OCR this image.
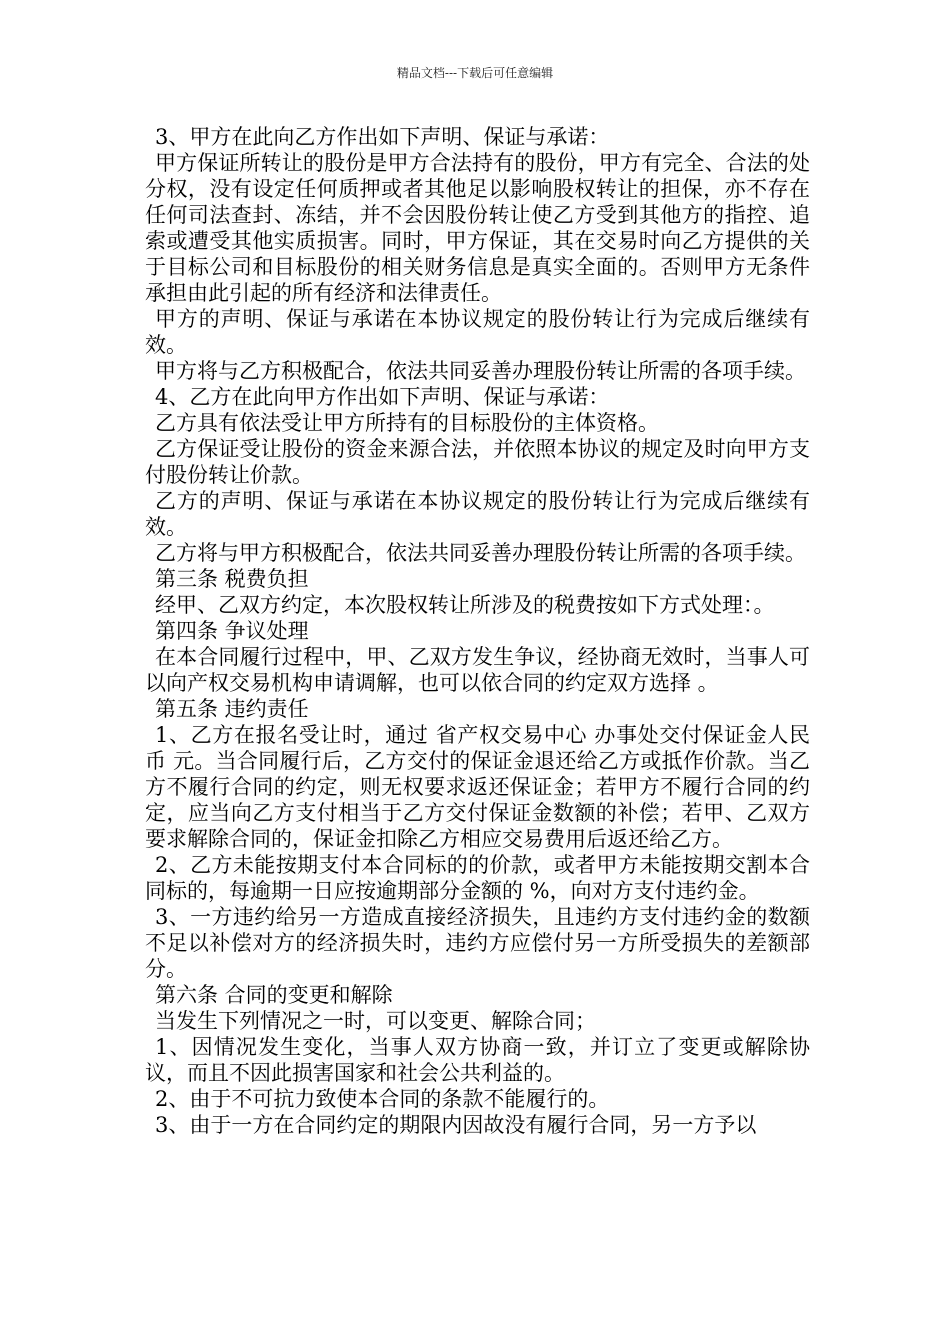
精品文档---下载后可任意编辑

3、甲方在此向乙方作出如下声明、保证与承诺：

甲方保证所转让的股份是甲方合法持有的股份，甲方有完全、合法的处分权，没有设定任何质押或者其他足以影响股权转让的担保，亦不存在任何司法查封、冻结，并不会因股份转让使乙方受到其他方的指控、追索或遭受其他实质损害。同时，甲方保证，其在交易时向乙方提供的关于目标公司和目标股份的相关财务信息是真实全面的。否则甲方无条件承担由此引起的所有经济和法律责任。

甲方的声明、保证与承诺在本协议规定的股份转让行为完成后继续有效。

甲方将与乙方积极配合，依法共同妥善办理股份转让所需的各项手续。

4、乙方在此向甲方作出如下声明、保证与承诺：

乙方具有依法受让甲方所持有的目标股份的主体资格。

乙方保证受让股份的资金来源合法，并依照本协议的规定及时向甲方支付股份转让价款。

乙方的声明、保证与承诺在本协议规定的股份转让行为完成后继续有效。

乙方将与甲方积极配合，依法共同妥善办理股份转让所需的各项手续。

第三条 税费负担

经甲、乙双方约定，本次股权转让所涉及的税费按如下方式处理：。

第四条 争议处理

在本合同履行过程中，甲、乙双方发生争议，经协商无效时，当事人可以向产权交易机构申请调解，也可以依合同的约定双方选择 。

第五条 违约责任

1、乙方在报名受让时，通过 省产权交易中心 办事处交付保证金人民币 元。当合同履行后，乙方交付的保证金退还给乙方或抵作价款。当乙方不履行合同的约定，则无权要求返还保证金；若甲方不履行合同的约定，应当向乙方支付相当于乙方交付保证金数额的补偿；若甲、乙双方要求解除合同的，保证金扣除乙方相应交易费用后返还给乙方。

2、乙方未能按期支付本合同标的的价款，或者甲方未能按期交割本合同标的，每逾期一日应按逾期部分金额的 %，向对方支付违约金。

3、一方违约给另一方造成直接经济损失，且违约方支付违约金的数额不足以补偿对方的经济损失时，违约方应偿付另一方所受损失的差额部分。

第六条 合同的变更和解除

当发生下列情况之一时，可以变更、解除合同；

1、因情况发生变化，当事人双方协商一致，并订立了变更或解除协议，而且不因此损害国家和社会公共利益的。

2、由于不可抗力致使本合同的条款不能履行的。

3、由于一方在合同约定的期限内因故没有履行合同，另一方予以
